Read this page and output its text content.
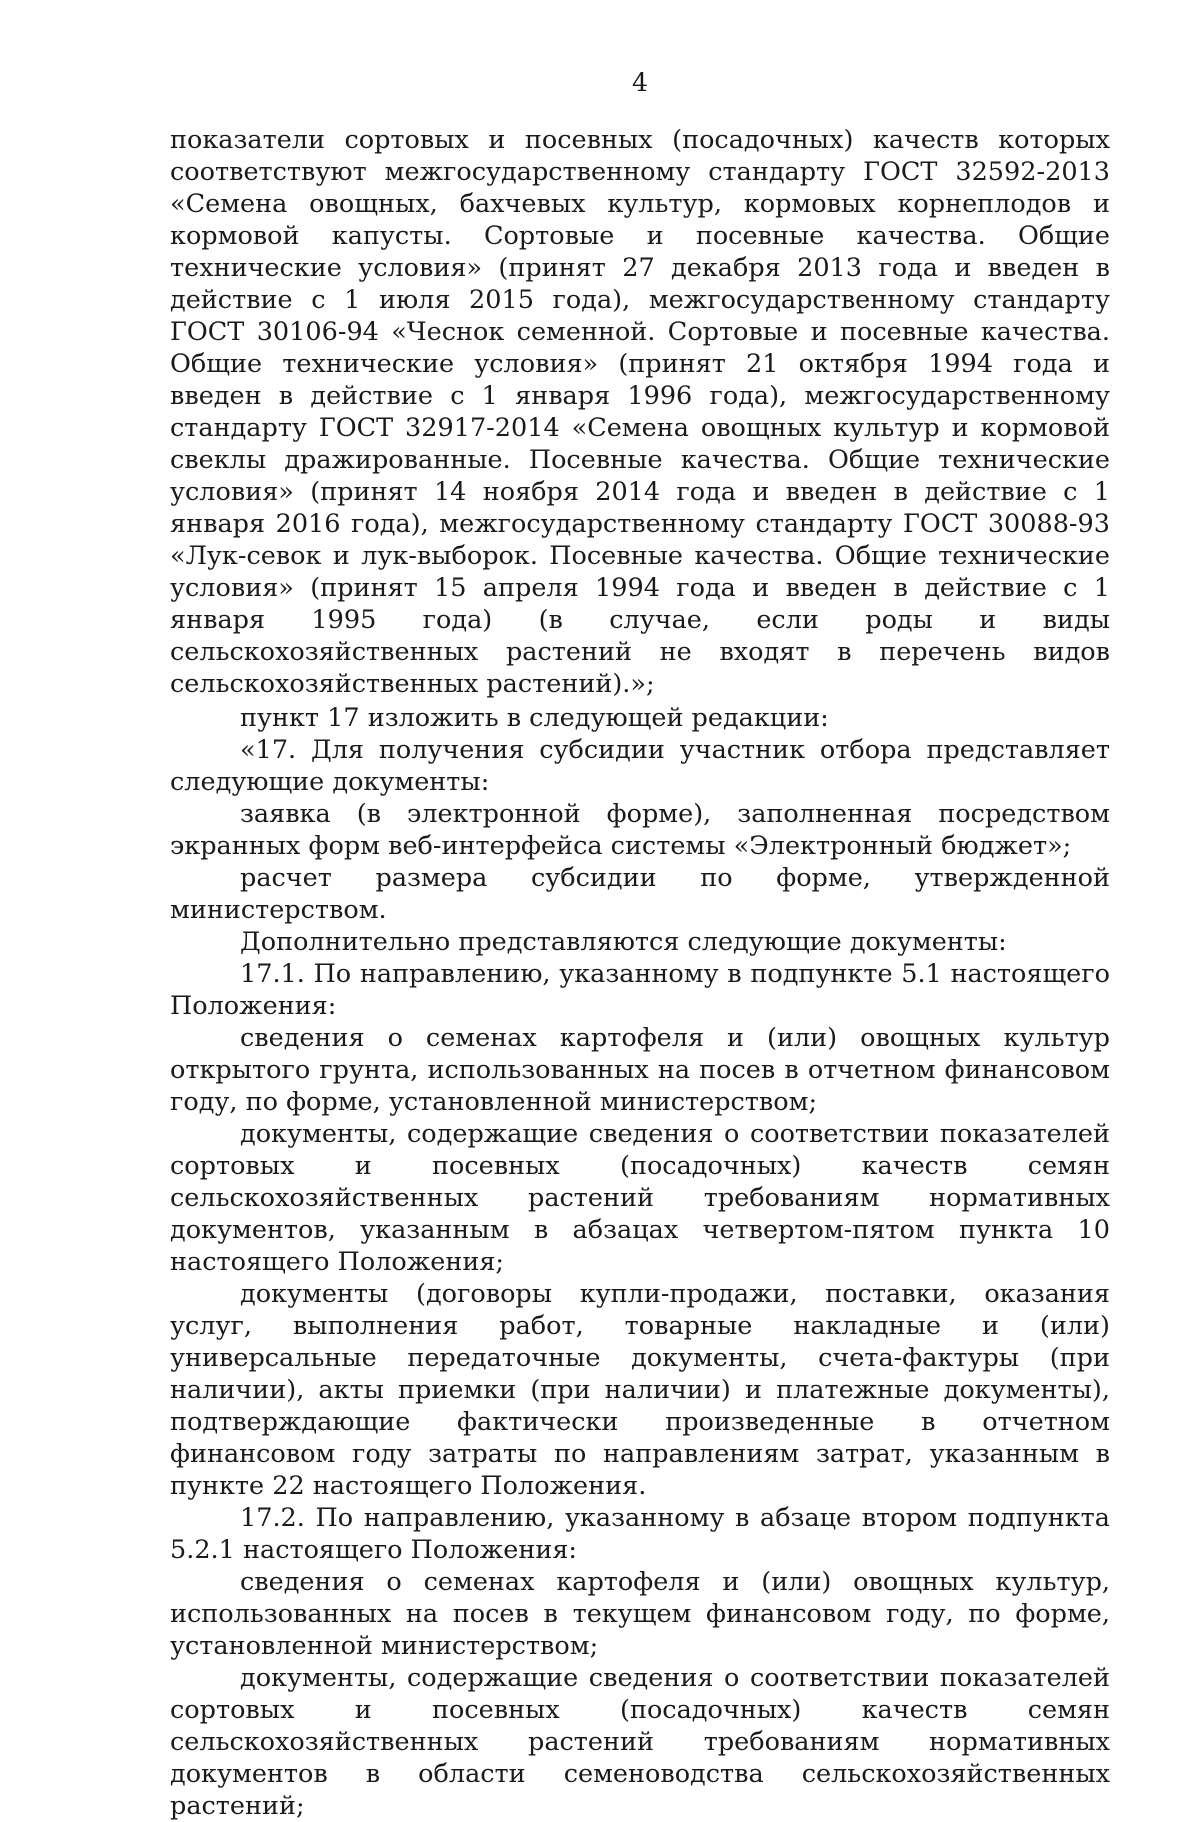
4

показатели сортовых и посевных (посадочных) качеств которых соответствуют межгосударственному стандарту ГОСТ 32592-2013 «Семена овощных, бахчевых культур, кормовых корнеплодов и кормовой капусты. Сортовые и посевные качества. Общие технические условия» (принят 27 декабря 2013 года и введен в действие с 1 июля 2015 года), межгосударственному стандарту ГОСТ 30106-94 «Чеснок семенной. Сортовые и посевные качества. Общие технические условия» (принят 21 октября 1994 года и введен в действие с 1 января 1996 года), межгосударственному стандарту ГОСТ 32917-2014 «Семена овощных культур и кормовой свеклы дражированные. Посевные качества. Общие технические условия» (принят 14 ноября 2014 года и введен в действие с 1 января 2016 года), межгосударственному стандарту ГОСТ 30088-93 «Лук-севок и лук-выборок. Посевные качества. Общие технические условия» (принят 15 апреля 1994 года и введен в действие с 1 января 1995 года) (в случае, если роды и виды сельскохозяйственных растений не входят в перечень видов сельскохозяйственных растений).»;

пункт 17 изложить в следующей редакции:

«17. Для получения субсидии участник отбора представляет следующие документы:

заявка (в электронной форме), заполненная посредством экранных форм веб-интерфейса системы «Электронный бюджет»;

расчет размера субсидии по форме, утвержденной министерством.

Дополнительно представляются следующие документы:

17.1. По направлению, указанному в подпункте 5.1 настоящего Положения:

сведения о семенах картофеля и (или) овощных культур открытого грунта, использованных на посев в отчетном финансовом году, по форме, установленной министерством;

документы, содержащие сведения о соответствии показателей сортовых и посевных (посадочных) качеств семян сельскохозяйственных растений требованиям нормативных документов, указанным в абзацах четвертом-пятом пункта 10 настоящего Положения;

документы (договоры купли-продажи, поставки, оказания услуг, выполнения работ, товарные накладные и (или) универсальные передаточные документы, счета-фактуры (при наличии), акты приемки (при наличии) и платежные документы), подтверждающие фактически произведенные в отчетном финансовом году затраты по направлениям затрат, указанным в пункте 22 настоящего Положения.

17.2. По направлению, указанному в абзаце втором подпункта 5.2.1 настоящего Положения:

сведения о семенах картофеля и (или) овощных культур, использованных на посев в текущем финансовом году, по форме, установленной министерством;

документы, содержащие сведения о соответствии показателей сортовых и посевных (посадочных) качеств семян сельскохозяйственных растений требованиям нормативных документов в области семеноводства сельскохозяйственных растений;
